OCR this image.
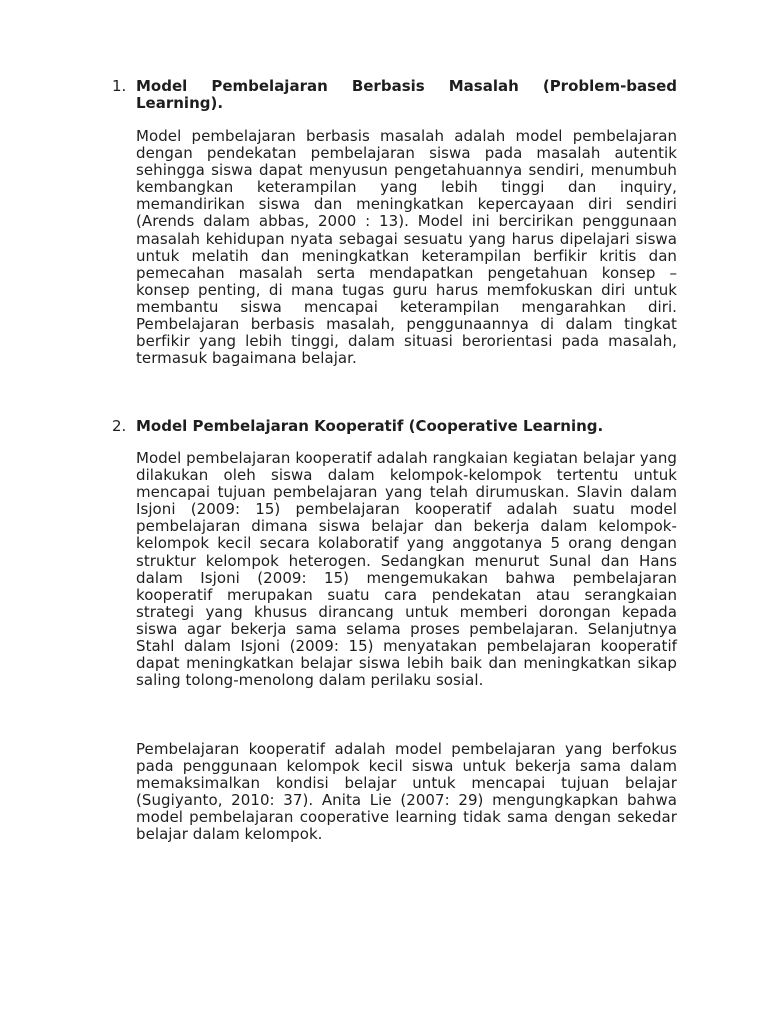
1. Model Pembelajaran Berbasis Masalah (Problem-based Learning).

Model pembelajaran berbasis masalah adalah model pembelajaran dengan pendekatan pembelajaran siswa pada masalah autentik sehingga siswa dapat menyusun pengetahuannya sendiri, menumbuh kembangkan keterampilan yang lebih tinggi dan inquiry, memandirikan siswa dan meningkatkan kepercayaan diri sendiri (Arends dalam abbas, 2000 : 13). Model ini bercirikan penggunaan masalah kehidupan nyata sebagai sesuatu yang harus dipelajari siswa untuk melatih dan meningkatkan keterampilan berfikir kritis dan pemecahan masalah serta mendapatkan pengetahuan konsep – konsep penting, di mana tugas guru harus memfokuskan diri untuk membantu siswa mencapai keterampilan mengarahkan diri. Pembelajaran berbasis masalah, penggunaannya di dalam tingkat berfikir yang lebih tinggi, dalam situasi berorientasi pada masalah, termasuk bagaimana belajar.

2. Model Pembelajaran Kooperatif (Cooperative Learning.

Model pembelajaran kooperatif adalah rangkaian kegiatan belajar yang dilakukan oleh siswa dalam kelompok-kelompok tertentu untuk mencapai tujuan pembelajaran yang telah dirumuskan. Slavin dalam Isjoni (2009: 15) pembelajaran kooperatif adalah suatu model pembelajaran dimana siswa belajar dan bekerja dalam kelompok-kelompok kecil secara kolaboratif yang anggotanya 5 orang dengan struktur kelompok heterogen. Sedangkan menurut Sunal dan Hans dalam Isjoni (2009: 15) mengemukakan bahwa pembelajaran kooperatif merupakan suatu cara pendekatan atau serangkaian strategi yang khusus dirancang untuk memberi dorongan kepada siswa agar bekerja sama selama proses pembelajaran. Selanjutnya Stahl dalam Isjoni (2009: 15) menyatakan pembelajaran kooperatif dapat meningkatkan belajar siswa lebih baik dan meningkatkan sikap saling tolong-menolong dalam perilaku sosial.

Pembelajaran kooperatif adalah model pembelajaran yang berfokus pada penggunaan kelompok kecil siswa untuk bekerja sama dalam memaksimalkan kondisi belajar untuk mencapai tujuan belajar (Sugiyanto, 2010: 37). Anita Lie (2007: 29) mengungkapkan bahwa model pembelajaran cooperative learning tidak sama dengan sekedar belajar dalam kelompok.
